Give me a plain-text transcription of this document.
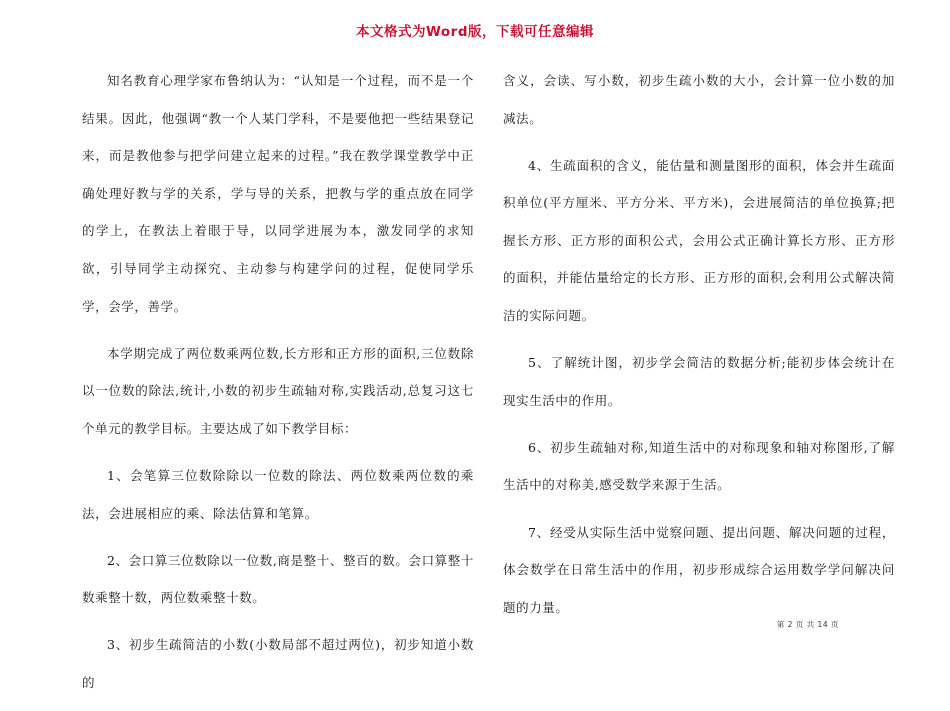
本文格式为Word版，下载可任意编辑

知名教育心理学家布鲁纳认为：“认知是一个过程，而不是一个结果。因此，他强调“教一个人某门学科，不是要他把一些结果登记来，而是教他参与把学问建立起来的过程。”我在教学课堂教学中正确处理好教与学的关系，学与导的关系，把教与学的重点放在同学的学上，在教法上着眼于导，以同学进展为本，激发同学的求知欲，引导同学主动探究、主动参与构建学问的过程，促使同学乐学，会学，善学。

本学期完成了两位数乘两位数,长方形和正方形的面积,三位数除以一位数的除法,统计,小数的初步生疏轴对称,实践活动,总复习这七个单元的教学目标。主要达成了如下教学目标：

1、会笔算三位数除除以一位数的除法、两位数乘两位数的乘法，会进展相应的乘、除法估算和笔算。

2、会口算三位数除以一位数,商是整十、整百的数。会口算整十数乘整十数，两位数乘整十数。

3、初步生疏简洁的小数(小数局部不超过两位)，初步知道小数的

含义，会读、写小数，初步生疏小数的大小，会计算一位小数的加减法。

4、生疏面积的含义，能估量和测量图形的面积，体会并生疏面积单位(平方厘米、平方分米、平方米)，会进展简洁的单位换算;把握长方形、正方形的面积公式，会用公式正确计算长方形、正方形的面积，并能估量给定的长方形、正方形的面积,会利用公式解决简洁的实际问题。

5、了解统计图，初步学会简洁的数据分析;能初步体会统计在现实生活中的作用。

6、初步生疏轴对称,知道生活中的对称现象和轴对称图形,了解生活中的对称美,感受数学来源于生活。

7、经受从实际生活中觉察问题、提出问题、解决问题的过程，体会数学在日常生活中的作用，初步形成综合运用数学学问解决问题的力量。

第 2 页 共 14 页
